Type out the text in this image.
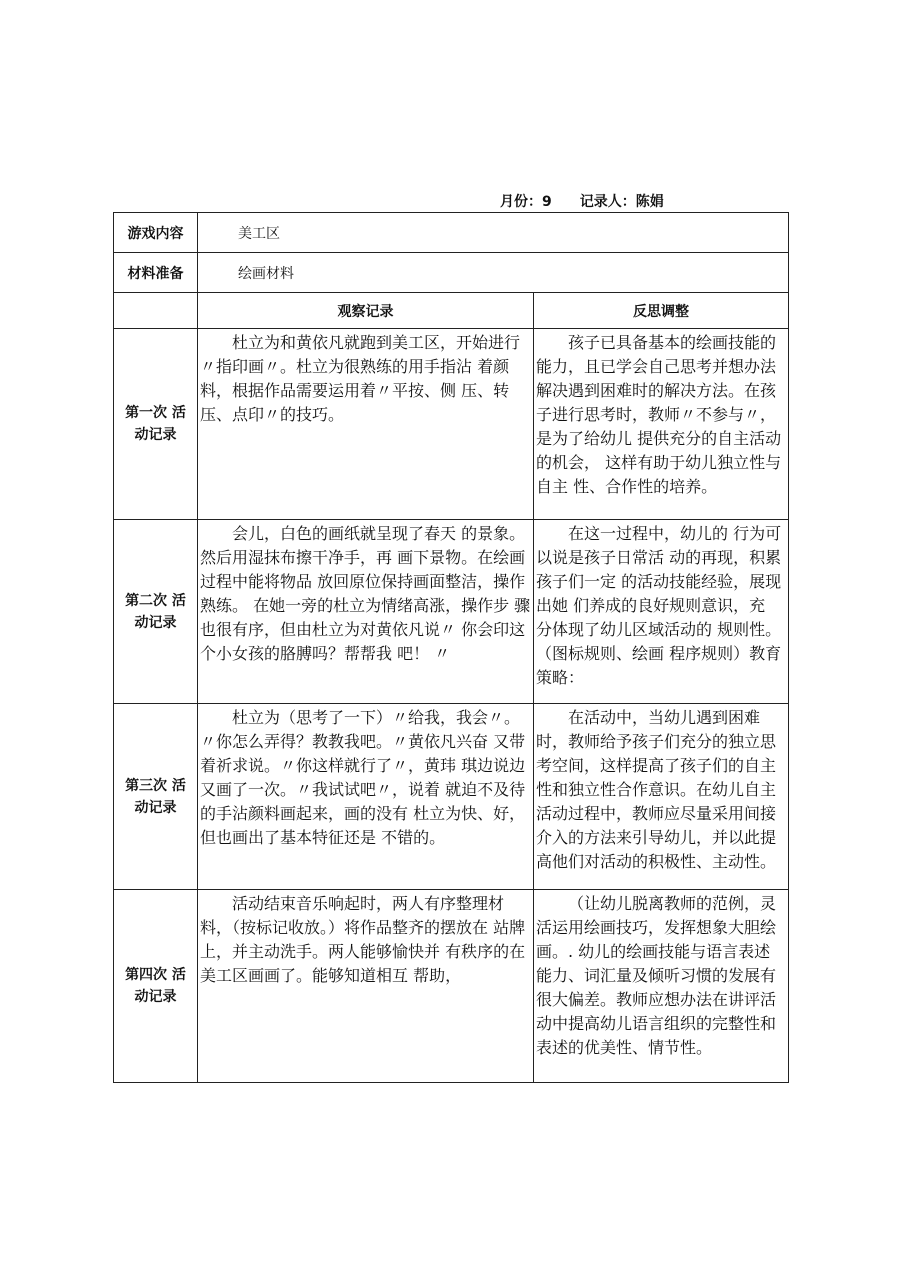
月份：9 记录人：陈娟
游戏内容	美工区	
材料准备	绘画材料	
	观察记录	反思调整
第一次 活
动记录	杜立为和黄依凡就跑到美工区，开始进行〃指印画〃。杜立为很熟练的用手指沾 着颜料，根据作品需要运用着〃平按、侧 压、转压、点印〃的技巧。	孩子已具备基本的绘画技能的能力，且已学会自己思考并想办法解决遇到困难时的解决方法。在孩子进行思考时，教师〃不参与〃，是为了给幼儿 提供充分的自主活动的机会， 这样有助于幼儿独立性与自主 性、合作性的培养。
第二次 活
动记录	会儿，白色的画纸就呈现了春天 的景象。然后用湿抹布擦干净手，再 画下景物。在绘画过程中能将物品 放回原位保持画面整洁，操作熟练。 在她一旁的杜立为情绪高涨，操作步 骤也很有序，但由杜立为对黄依凡说〃 你会印这个小女孩的胳膊吗？帮帮我 吧！ 〃	在这一过程中，幼儿的 行为可以说是孩子日常活 动的再现，积累孩子们一定 的活动技能经验，展现出她 们养成的良好规则意识，充 分体现了幼儿区域活动的 规则性。（图标规则、绘画 程序规则）教育策略：
第三次 活
动记录	杜立为（思考了一下）〃给我，我会〃。 〃你怎么弄得？教教我吧。〃黄依凡兴奋 又带着祈求说。〃你这样就行了〃，黄玮 琪边说边又画了一次。〃我试试吧〃，说着 就迫不及待的手沾颜料画起来，画的没有 杜立为快、好，但也画出了基本特征还是 不错的。	在活动中，当幼儿遇到困难时，教师给予孩子们充分的独立思考空间，这样提高了孩子们的自主性和独立性合作意识。在幼儿自主活动过程中，教师应尽量采用间接介入的方法来引导幼儿，并以此提高他们对活动的积极性、主动性。
第四次 活
动记录	活动结束音乐响起时，两人有序整理材料，（按标记收放。）将作品整齐的摆放在 站牌上，并主动洗手。两人能够愉快并 有秩序的在美工区画画了。能够知道相互 帮助，	（让幼儿脱离教师的范例，灵活运用绘画技巧，发挥想象大胆绘画。. 幼儿的绘画技能与语言表述能力、词汇量及倾听习惯的发展有很大偏差。教师应想办法在讲评活动中提高幼儿语言组织的完整性和表述的优美性、情节性。
